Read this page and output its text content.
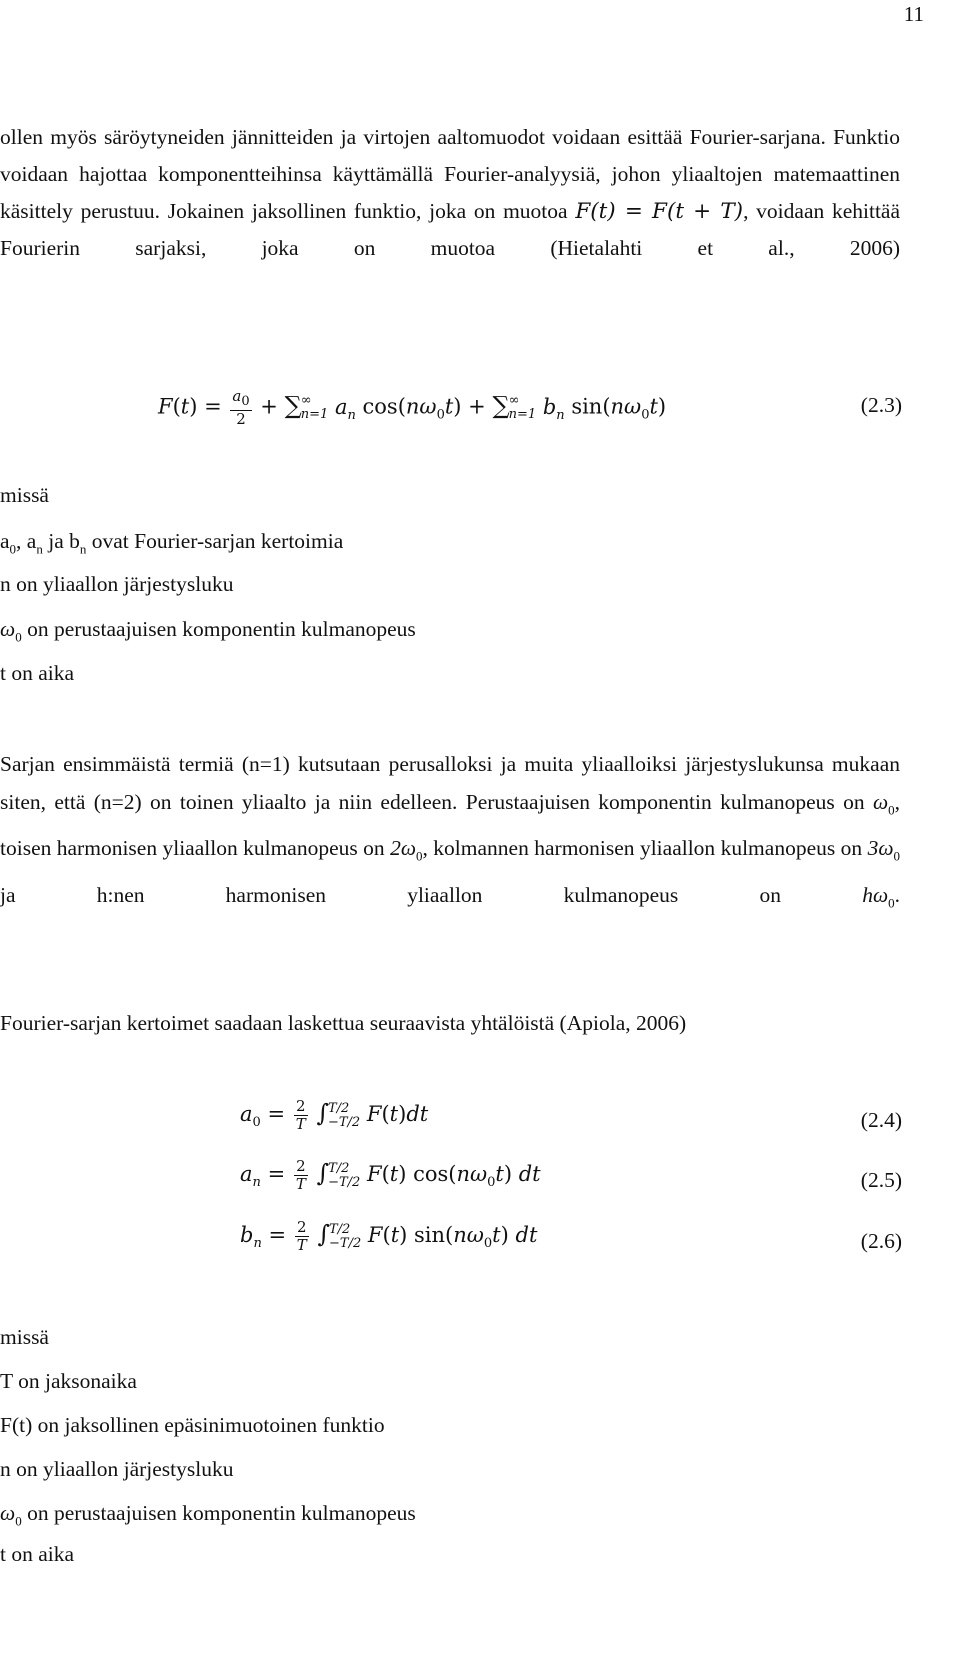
11

ollen myös säröytyneiden jännitteiden ja virtojen aaltomuodot voidaan esittää Fourier-sarjana. Funktio voidaan hajottaa komponentteihinsa käyttämällä Fourier-analyysiä, johon yliaaltojen matemaattinen käsittely perustuu. Jokainen jaksollinen funktio, joka on muotoa F(t) = F(t + T), voidaan kehittää Fourierin sarjaksi, joka on muotoa (Hietalahti et al., 2006)

$F(t) = \frac{a_0}{2}$ + ∑ ∞
n=1 $a_n$ $\cos(n\omega_0t)$ + ∑ ∞
n=1 $b_n$ $\sin(n\omega_0t)$	(2.3)
missä
$a_0$, $a_n$ ja $b_n$ ovat Fourier-sarjan kertoimia
n on yliaallon järjestysluku
$\omega_0$ on perustaajuisen komponentin kulmanopeus
t on aika

Sarjan ensimmäistä termiä (n=1) kutsutaan perusalloksi ja muita yliaalloiksi järjestyslukunsa mukaan siten, että (n=2) on toinen yliaalto ja niin edelleen. Perustaajuisen komponentin kulmanopeus on $\omega_0$, toisen harmonisen yliaallon kulmanopeus on $2\omega_0$, kolmannen harmonisen yliaallon kulmanopeus on $3\omega_0$ ja h:nen harmonisen yliaallon kulmanopeus on $h\omega_0$.

Fourier-sarjan kertoimet saadaan laskettua seuraavista yhtälöistä (Apiola, 2006)
$a_0 = \frac{2}{T}$ ∫ T/2
−T/2 F(t)dt	(2.4)
$a_n = \frac{2}{T}$ ∫ T/2
−T/2 F(t) $\cos(n\omega_0t)$ dt	(2.5)
$b_n = \frac{2}{T}$ ∫ T/2
−T/2 F(t) $\sin(n\omega_0t)$ dt	(2.6)
missä
T on jaksonaika
F(t) on jaksollinen epäsinimuotoinen funktio
n on yliaallon järjestysluku
$\omega_0$ on perustaajuisen komponentin kulmanopeus
t on aika
